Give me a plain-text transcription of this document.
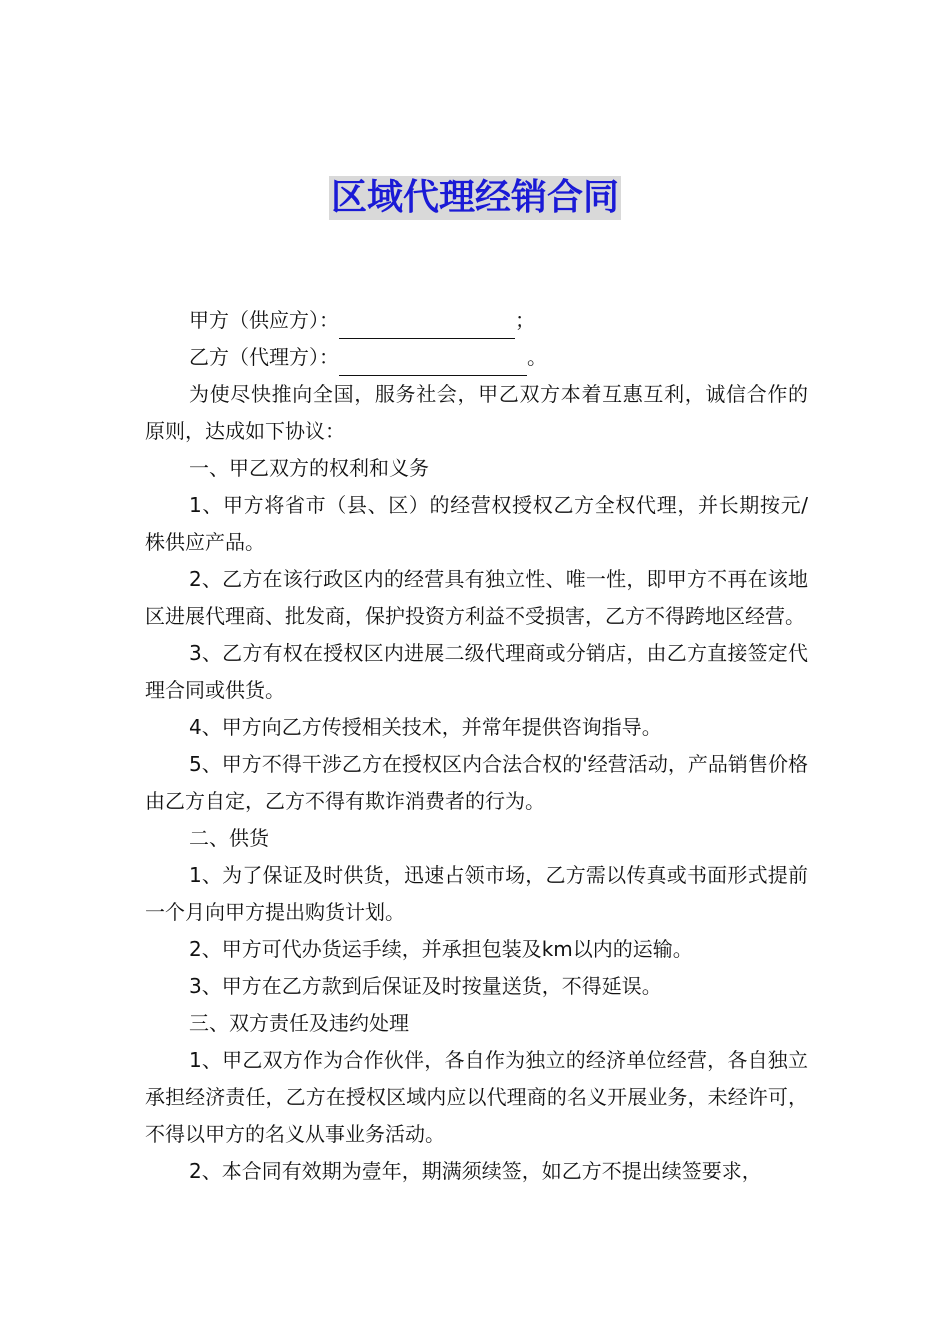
区域代理经销合同

甲方（供应方）：	；

乙方（代理方）：	。

为使尽快推向全国，服务社会，甲乙双方本着互惠互利，诚信合作的原则，达成如下协议：

一、甲乙双方的权利和义务

1、甲方将省市（县、区）的经营权授权乙方全权代理，并长期按元/株供应产品。

2、乙方在该行政区内的经营具有独立性、唯一性，即甲方不再在该地区进展代理商、批发商，保护投资方利益不受损害，乙方不得跨地区经营。

3、乙方有权在授权区内进展二级代理商或分销店，由乙方直接签定代理合同或供货。

4、甲方向乙方传授相关技术，并常年提供咨询指导。

5、甲方不得干涉乙方在授权区内合法合权的'经营活动，产品销售价格由乙方自定，乙方不得有欺诈消费者的行为。

二、供货

1、为了保证及时供货，迅速占领市场，乙方需以传真或书面形式提前一个月向甲方提出购货计划。

2、甲方可代办货运手续，并承担包装及km以内的运输。

3、甲方在乙方款到后保证及时按量送货，不得延误。

三、双方责任及违约处理

1、甲乙双方作为合作伙伴，各自作为独立的经济单位经营，各自独立承担经济责任，乙方在授权区域内应以代理商的名义开展业务，未经许可，不得以甲方的名义从事业务活动。

2、本合同有效期为壹年，期满须续签，如乙方不提出续签要求，
